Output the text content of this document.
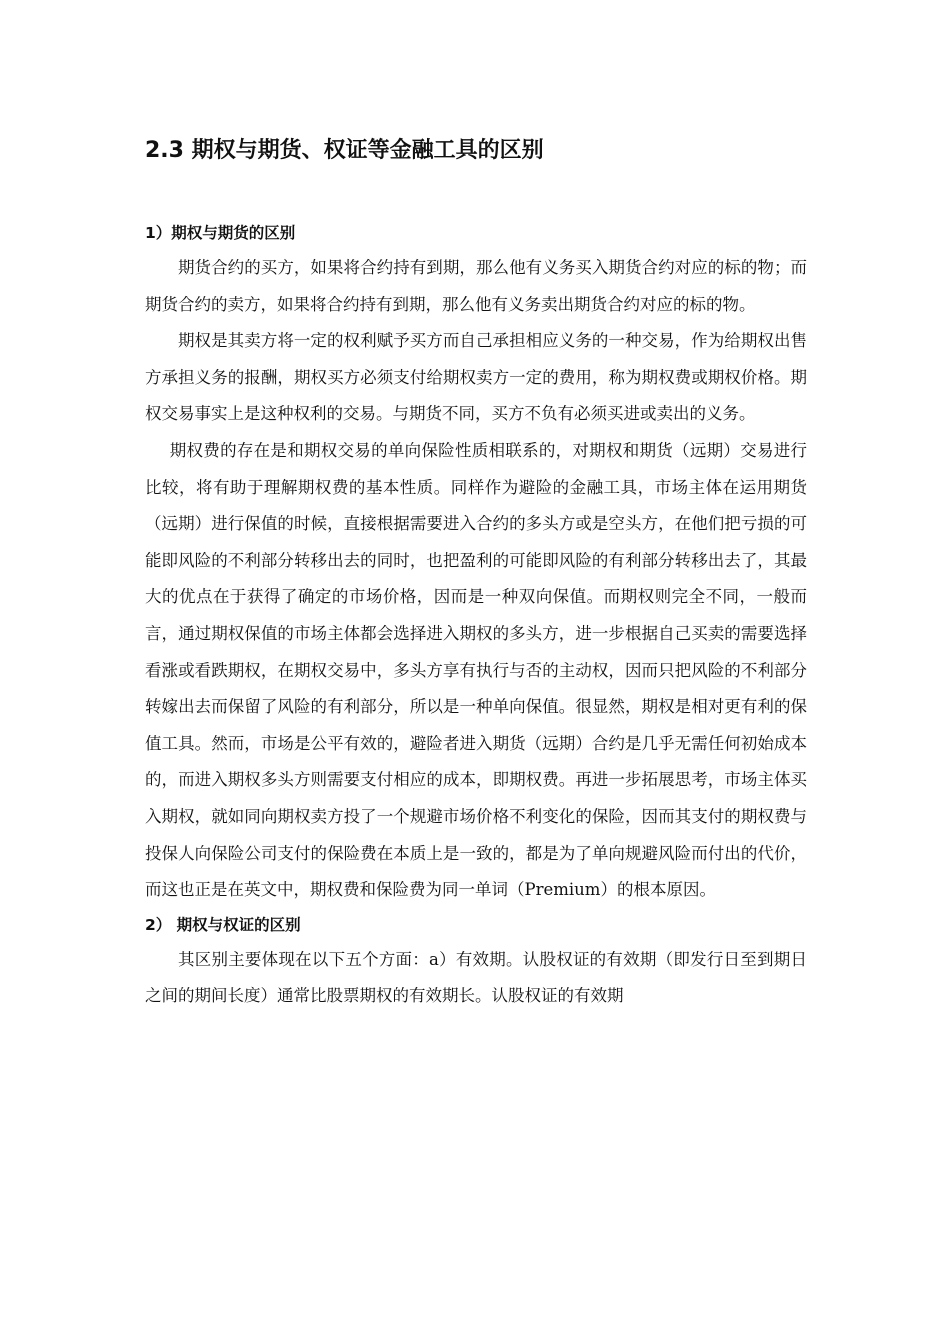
2.3 期权与期货、权证等金融工具的区别
1）期权与期货的区别

期货合约的买方，如果将合约持有到期，那么他有义务买入期货合约对应的标的物；而期货合约的卖方，如果将合约持有到期，那么他有义务卖出期货合约对应的标的物。

期权是其卖方将一定的权利赋予买方而自己承担相应义务的一种交易，作为给期权出售方承担义务的报酬，期权买方必须支付给期权卖方一定的费用，称为期权费或期权价格。期权交易事实上是这种权利的交易。与期货不同，买方不负有必须买进或卖出的义务。

期权费的存在是和期权交易的单向保险性质相联系的，对期权和期货（远期）交易进行比较，将有助于理解期权费的基本性质。同样作为避险的金融工具，市场主体在运用期货（远期）进行保值的时候，直接根据需要进入合约的多头方或是空头方，在他们把亏损的可能即风险的不利部分转移出去的同时，也把盈利的可能即风险的有利部分转移出去了，其最大的优点在于获得了确定的市场价格，因而是一种双向保值。而期权则完全不同，一般而言，通过期权保值的市场主体都会选择进入期权的多头方，进一步根据自己买卖的需要选择看涨或看跌期权，在期权交易中，多头方享有执行与否的主动权，因而只把风险的不利部分转嫁出去而保留了风险的有利部分，所以是一种单向保值。很显然，期权是相对更有利的保值工具。然而，市场是公平有效的，避险者进入期货（远期）合约是几乎无需任何初始成本的，而进入期权多头方则需要支付相应的成本，即期权费。再进一步拓展思考，市场主体买入期权，就如同向期权卖方投了一个规避市场价格不利变化的保险，因而其支付的期权费与投保人向保险公司支付的保险费在本质上是一致的，都是为了单向规避风险而付出的代价，而这也正是在英文中，期权费和保险费为同一单词（Premium）的根本原因。

2） 期权与权证的区别

其区别主要体现在以下五个方面：a）有效期。认股权证的有效期（即发行日至到期日之间的期间长度）通常比股票期权的有效期长。认股权证的有效期
